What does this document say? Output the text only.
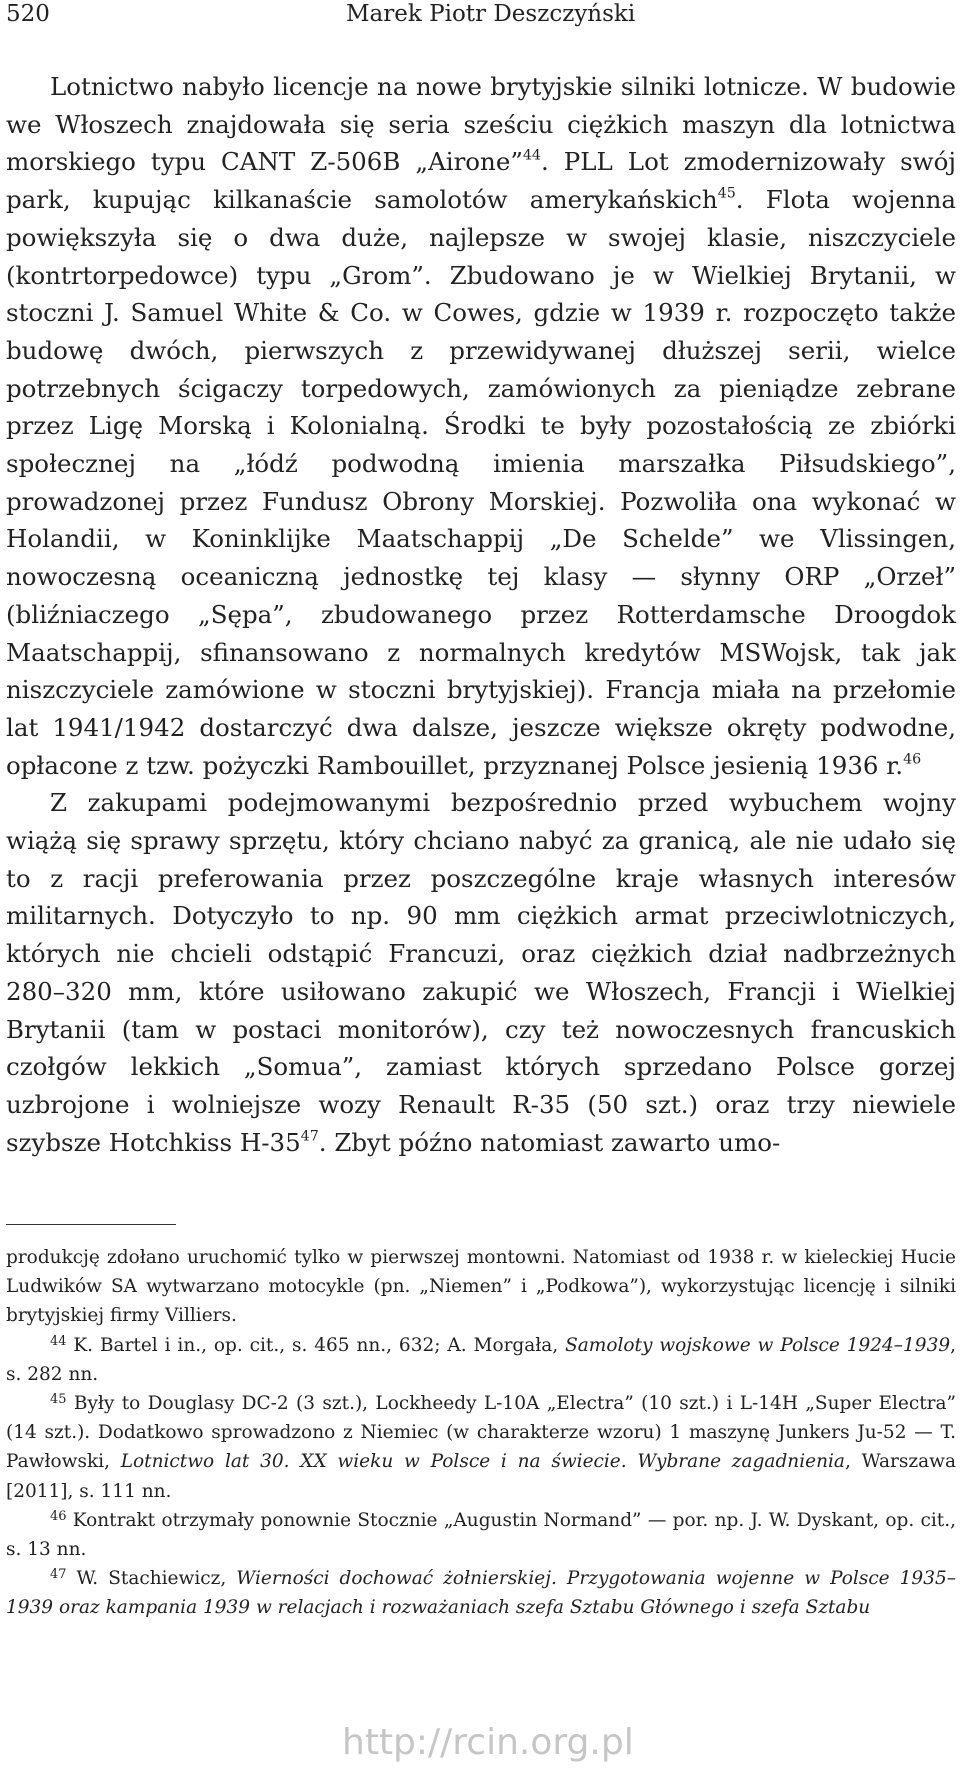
520	Marek Piotr Deszczyński

Lotnictwo nabyło licencje na nowe brytyjskie silniki lotnicze. W budowie we Włoszech znajdowała się seria sześciu ciężkich maszyn dla lotnictwa morskiego typu CANT Z-506B „Airone”$^{44}$. PLL Lot zmodernizowały swój park, kupując kilkanaście samolotów amerykańskich$^{45}$. Flota wojenna powiększyła się o dwa duże, najlepsze w swojej klasie, niszczyciele (kontrtorpedowce) typu „Grom”. Zbudowano je w Wielkiej Brytanii, w stoczni J. Samuel White & Co. w Cowes, gdzie w 1939 r. rozpoczęto także budowę dwóch, pierwszych z przewidywanej dłuższej serii, wielce potrzebnych ścigaczy torpedowych, zamówionych za pieniądze zebrane przez Ligę Morską i Kolonialną. Środki te były pozostałością ze zbiórki społecznej na „łódź podwodną imienia marszałka Piłsudskiego”, prowadzonej przez Fundusz Obrony Morskiej. Pozwoliła ona wykonać w Holandii, w Koninklijke Maatschappij „De Schelde” we Vlissingen, nowoczesną oceaniczną jednostkę tej klasy — słynny ORP „Orzeł” (bliźniaczego „Sępa”, zbudowanego przez Rotterdamsche Droogdok Maatschappij, sfinansowano z normalnych kredytów MSWojsk, tak jak niszczyciele zamówione w stoczni brytyjskiej). Francja miała na przełomie lat 1941/1942 dostarczyć dwa dalsze, jeszcze większe okręty podwodne, opłacone z tzw. pożyczki Rambouillet, przyznanej Polsce jesienią 1936 r.$^{46}$

Z zakupami podejmowanymi bezpośrednio przed wybuchem wojny wiążą się sprawy sprzętu, który chciano nabyć za granicą, ale nie udało się to z racji preferowania przez poszczególne kraje własnych interesów militarnych. Dotyczyło to np. 90 mm ciężkich armat przeciwlotniczych, których nie chcieli odstąpić Francuzi, oraz ciężkich dział nadbrzeżnych 280–320 mm, które usiłowano zakupić we Włoszech, Francji i Wielkiej Brytanii (tam w postaci monitorów), czy też nowoczesnych francuskich czołgów lekkich „Somua”, zamiast których sprzedano Polsce gorzej uzbrojone i wolniejsze wozy Renault R-35 (50 szt.) oraz trzy niewiele szybsze Hotchkiss $H-35^{47}$. Zbyt późno natomiast zawarto umo-

produkcję zdołano uruchomić tylko w pierwszej montowni. Natomiast od 1938 r. w kieleckiej Hucie Ludwików SA wytwarzano motocykle (pn. „Niemen” i „Podkowa”), wykorzystując licencję i silniki brytyjskiej firmy Villiers.

$^{44}$ K. Bartel i in., op. cit., s. 465 nn., 632; A. Morgała, Samoloty wojskowe w Polsce 1924–1939, s. 282 nn.

$^{45}$ Były to Douglasy DC-2 (3 szt.), Lockheedy L-10A „Electra” (10 szt.) i L-14H „Super Electra” (14 szt.). Dodatkowo sprowadzono z Niemiec (w charakterze wzoru) 1 maszynę Junkers Ju-52 — T. Pawłowski, Lotnictwo lat 30. XX wieku w Polsce i na świecie. Wybrane zagadnienia, Warszawa [2011], s. 111 nn.

$^{46}$ Kontrakt otrzymały ponownie Stocznie „Augustin Normand” — por. np. J. W. Dyskant, op. cit., s. 13 nn.

$^{47}$ W. Stachiewicz, Wierności dochować żołnierskiej. Przygotowania wojenne w Polsce 1935–1939 oraz kampania 1939 w relacjach i rozważaniach szefa Sztabu Głównego i szefa Sztabu

http://rcin.org.pl
